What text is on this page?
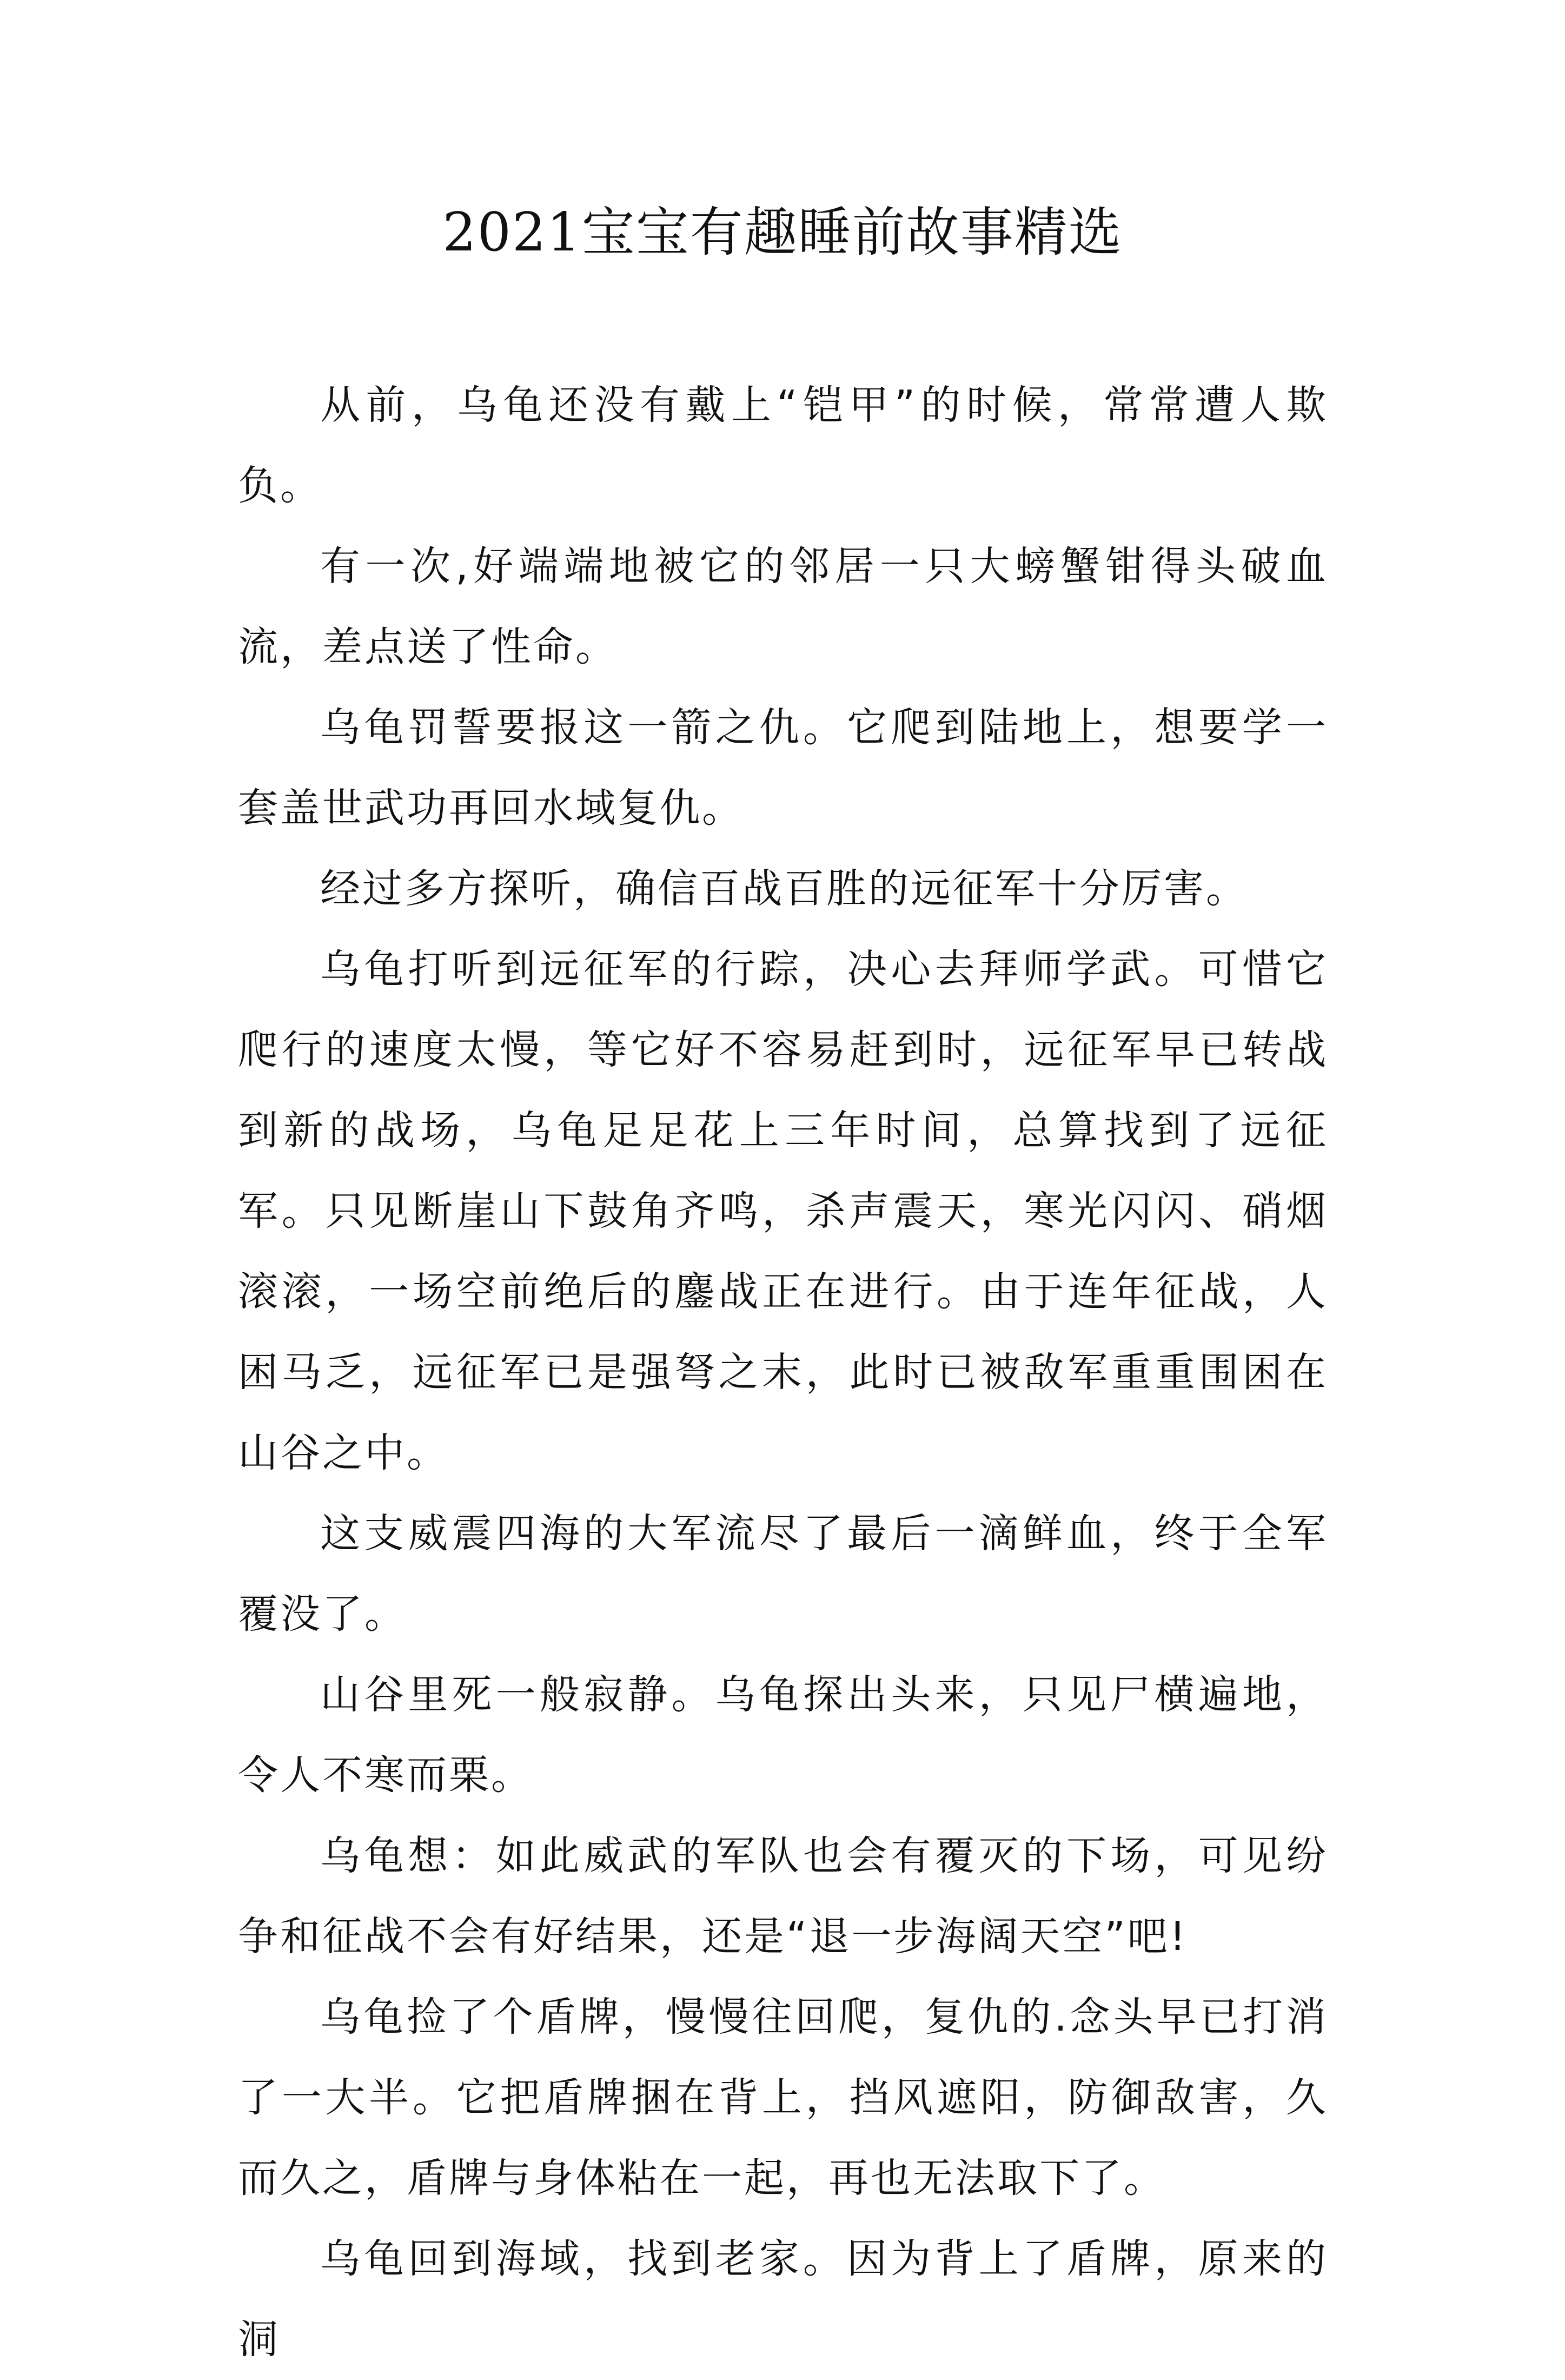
2021宝宝有趣睡前故事精选

从前，乌龟还没有戴上“铠甲”的时候，常常遭人欺负。

有一次,好端端地被它的邻居一只大螃蟹钳得头破血流，差点送了性命。

乌龟罚誓要报这一箭之仇。它爬到陆地上，想要学一套盖世武功再回水域复仇。

经过多方探听，确信百战百胜的远征军十分厉害。

乌龟打听到远征军的行踪，决心去拜师学武。可惜它爬行的速度太慢，等它好不容易赶到时，远征军早已转战到新的战场，乌龟足足花上三年时间，总算找到了远征军。只见断崖山下鼓角齐鸣，杀声震天，寒光闪闪、硝烟滚滚，一场空前绝后的鏖战正在进行。由于连年征战，人困马乏，远征军已是强弩之末，此时已被敌军重重围困在山谷之中。

这支威震四海的大军流尽了最后一滴鲜血，终于全军覆没了。

山谷里死一般寂静。乌龟探出头来，只见尸横遍地，令人不寒而栗。

乌龟想：如此威武的军队也会有覆灭的下场，可见纷争和征战不会有好结果，还是“退一步海阔天空”吧!

乌龟捡了个盾牌，慢慢往回爬，复仇的.念头早已打消了一大半。它把盾牌捆在背上，挡风遮阳，防御敌害，久而久之，盾牌与身体粘在一起，再也无法取下了。

乌龟回到海域，找到老家。因为背上了盾牌，原来的洞
